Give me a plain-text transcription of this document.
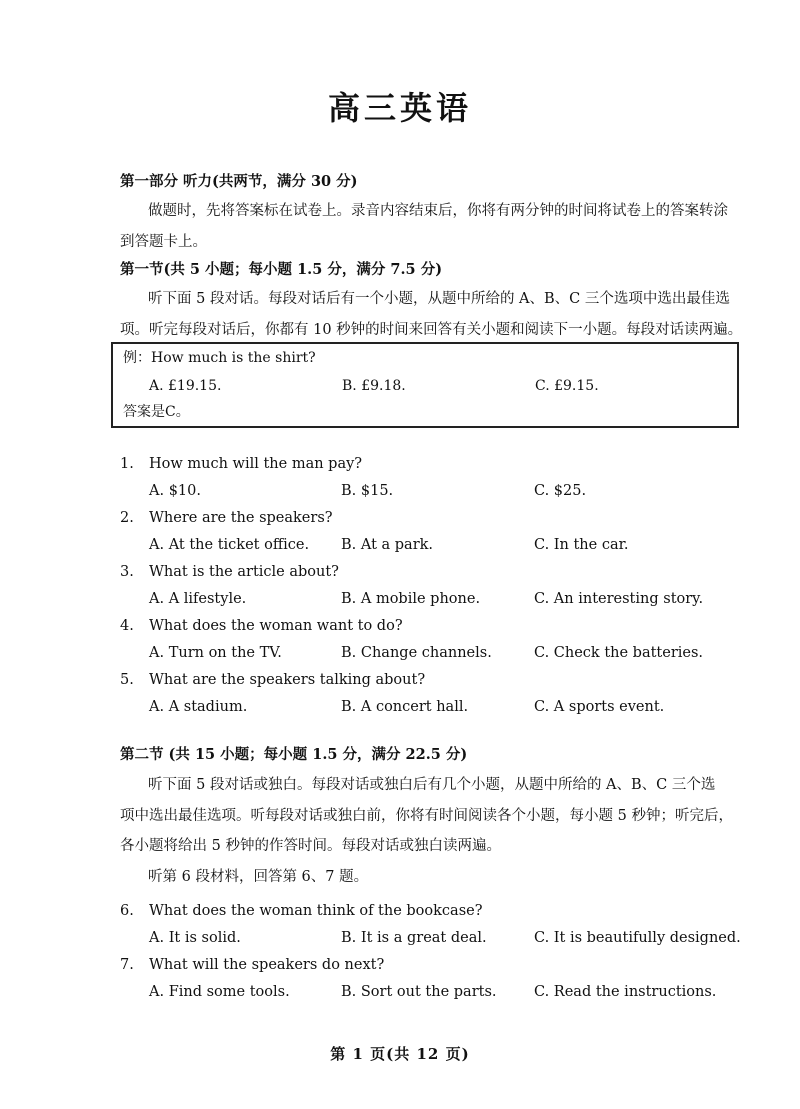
高三英语
第一部分 听力(共两节，满分 30 分)
做题时，先将答案标在试卷上。录音内容结束后，你将有两分钟的时间将试卷上的答案转涂
到答题卡上。
第一节(共 5 小题；每小题 1.5 分，满分 7.5 分)
听下面 5 段对话。每段对话后有一个小题，从题中所给的 A、B、C 三个选项中选出最佳选
项。听完每段对话后，你都有 10 秒钟的时间来回答有关小题和阅读下一小题。每段对话读两遍。
例：How much is the shirt?
A. £19.15.	B. £9.18.	C. £9.15.
答案是C。
1.	How much will the man pay?
A. $10.	B. $15.	C. $25.
2.	Where are the speakers?
A. At the ticket office. B. At a park.	C. In the car.
3.	What is the article about?
A. A lifestyle.	B. A mobile phone.	C. An interesting story.
4.	What does the woman want to do?
A. Turn on the TV.	B. Change channels.	C. Check the batteries.
5.	What are the speakers talking about?
A. A stadium.	B. A concert hall.	C. A sports event.
第二节 (共 15 小题；每小题 1.5 分，满分 22.5 分)
听下面 5 段对话或独白。每段对话或独白后有几个小题，从题中所给的 A、B、C 三个选
项中选出最佳选项。听每段对话或独白前，你将有时间阅读各个小题，每小题 5 秒钟；听完后，
各小题将给出 5 秒钟的作答时间。每段对话或独白读两遍。
听第 6 段材料，回答第 6、7 题。
6.	What does the woman think of the bookcase?
A. It is solid.	B. It is a great deal.	C. It is beautifully designed.
7.	What will the speakers do next?
A. Find some tools.	B. Sort out the parts.	C. Read the instructions.
第 1 页(共 12 页)
